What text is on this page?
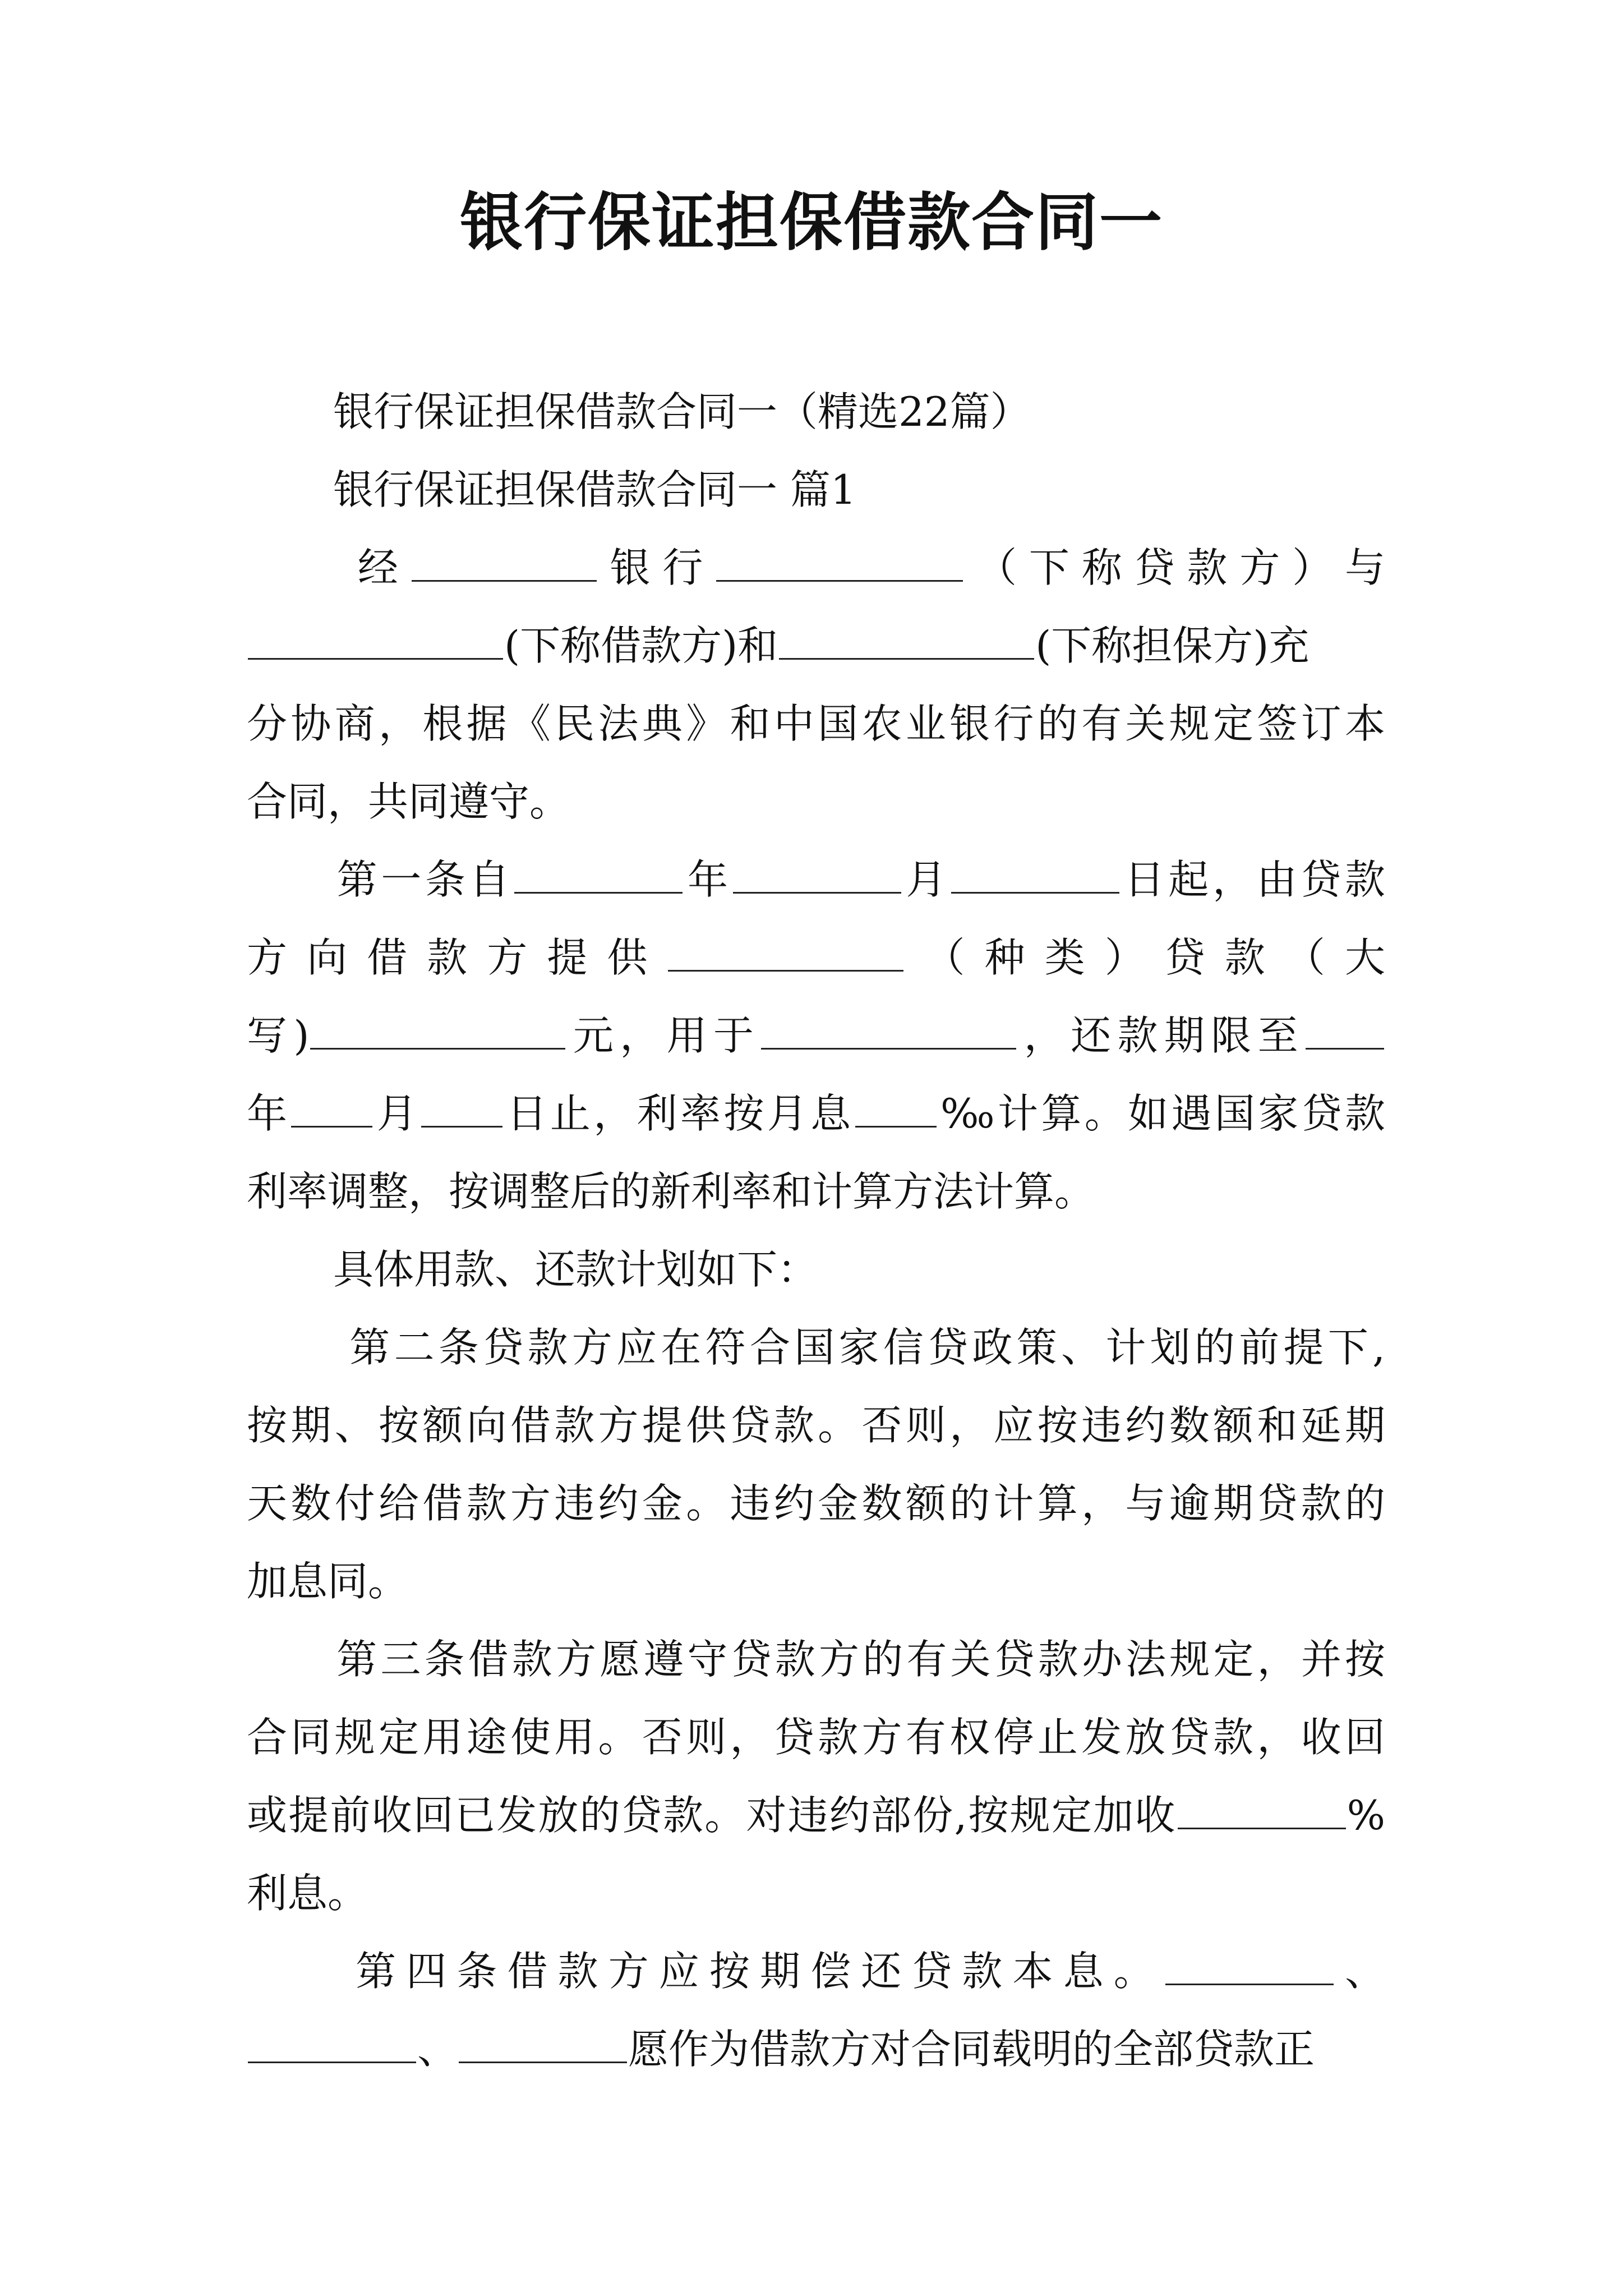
银行保证担保借款合同一
银行保证担保借款合同一（精选22篇）
银行保证担保借款合同一 篇1
经	银行	（下称贷款方）与
(下称借款方)和	(下称担保方)充
分协商，根据《民法典》和中国农业银行的有关规定签订本
合同，共同遵守。
第一条自	年	月	日起，由贷款
方向借款方提供	（种类）贷款（大
写)	元，用于	，还款期限至
年 月 日止，利率按月息 ‰计算。如遇国家贷款
利率调整，按调整后的新利率和计算方法计算。
具体用款、还款计划如下：
第二条贷款方应在符合国家信贷政策、计划的前提下,
按期、按额向借款方提供贷款。否则，应按违约数额和延期
天数付给借款方违约金。违约金数额的计算，与逾期贷款的
加息同。
第三条借款方愿遵守贷款方的有关贷款办法规定，并按
合同规定用途使用。否则，贷款方有权停止发放贷款，收回
或提前收回已发放的贷款。对违约部份,按规定加收	%
利息。
第四条借款方应按期偿还贷款本息。	、
、	愿作为借款方对合同载明的全部贷款正
